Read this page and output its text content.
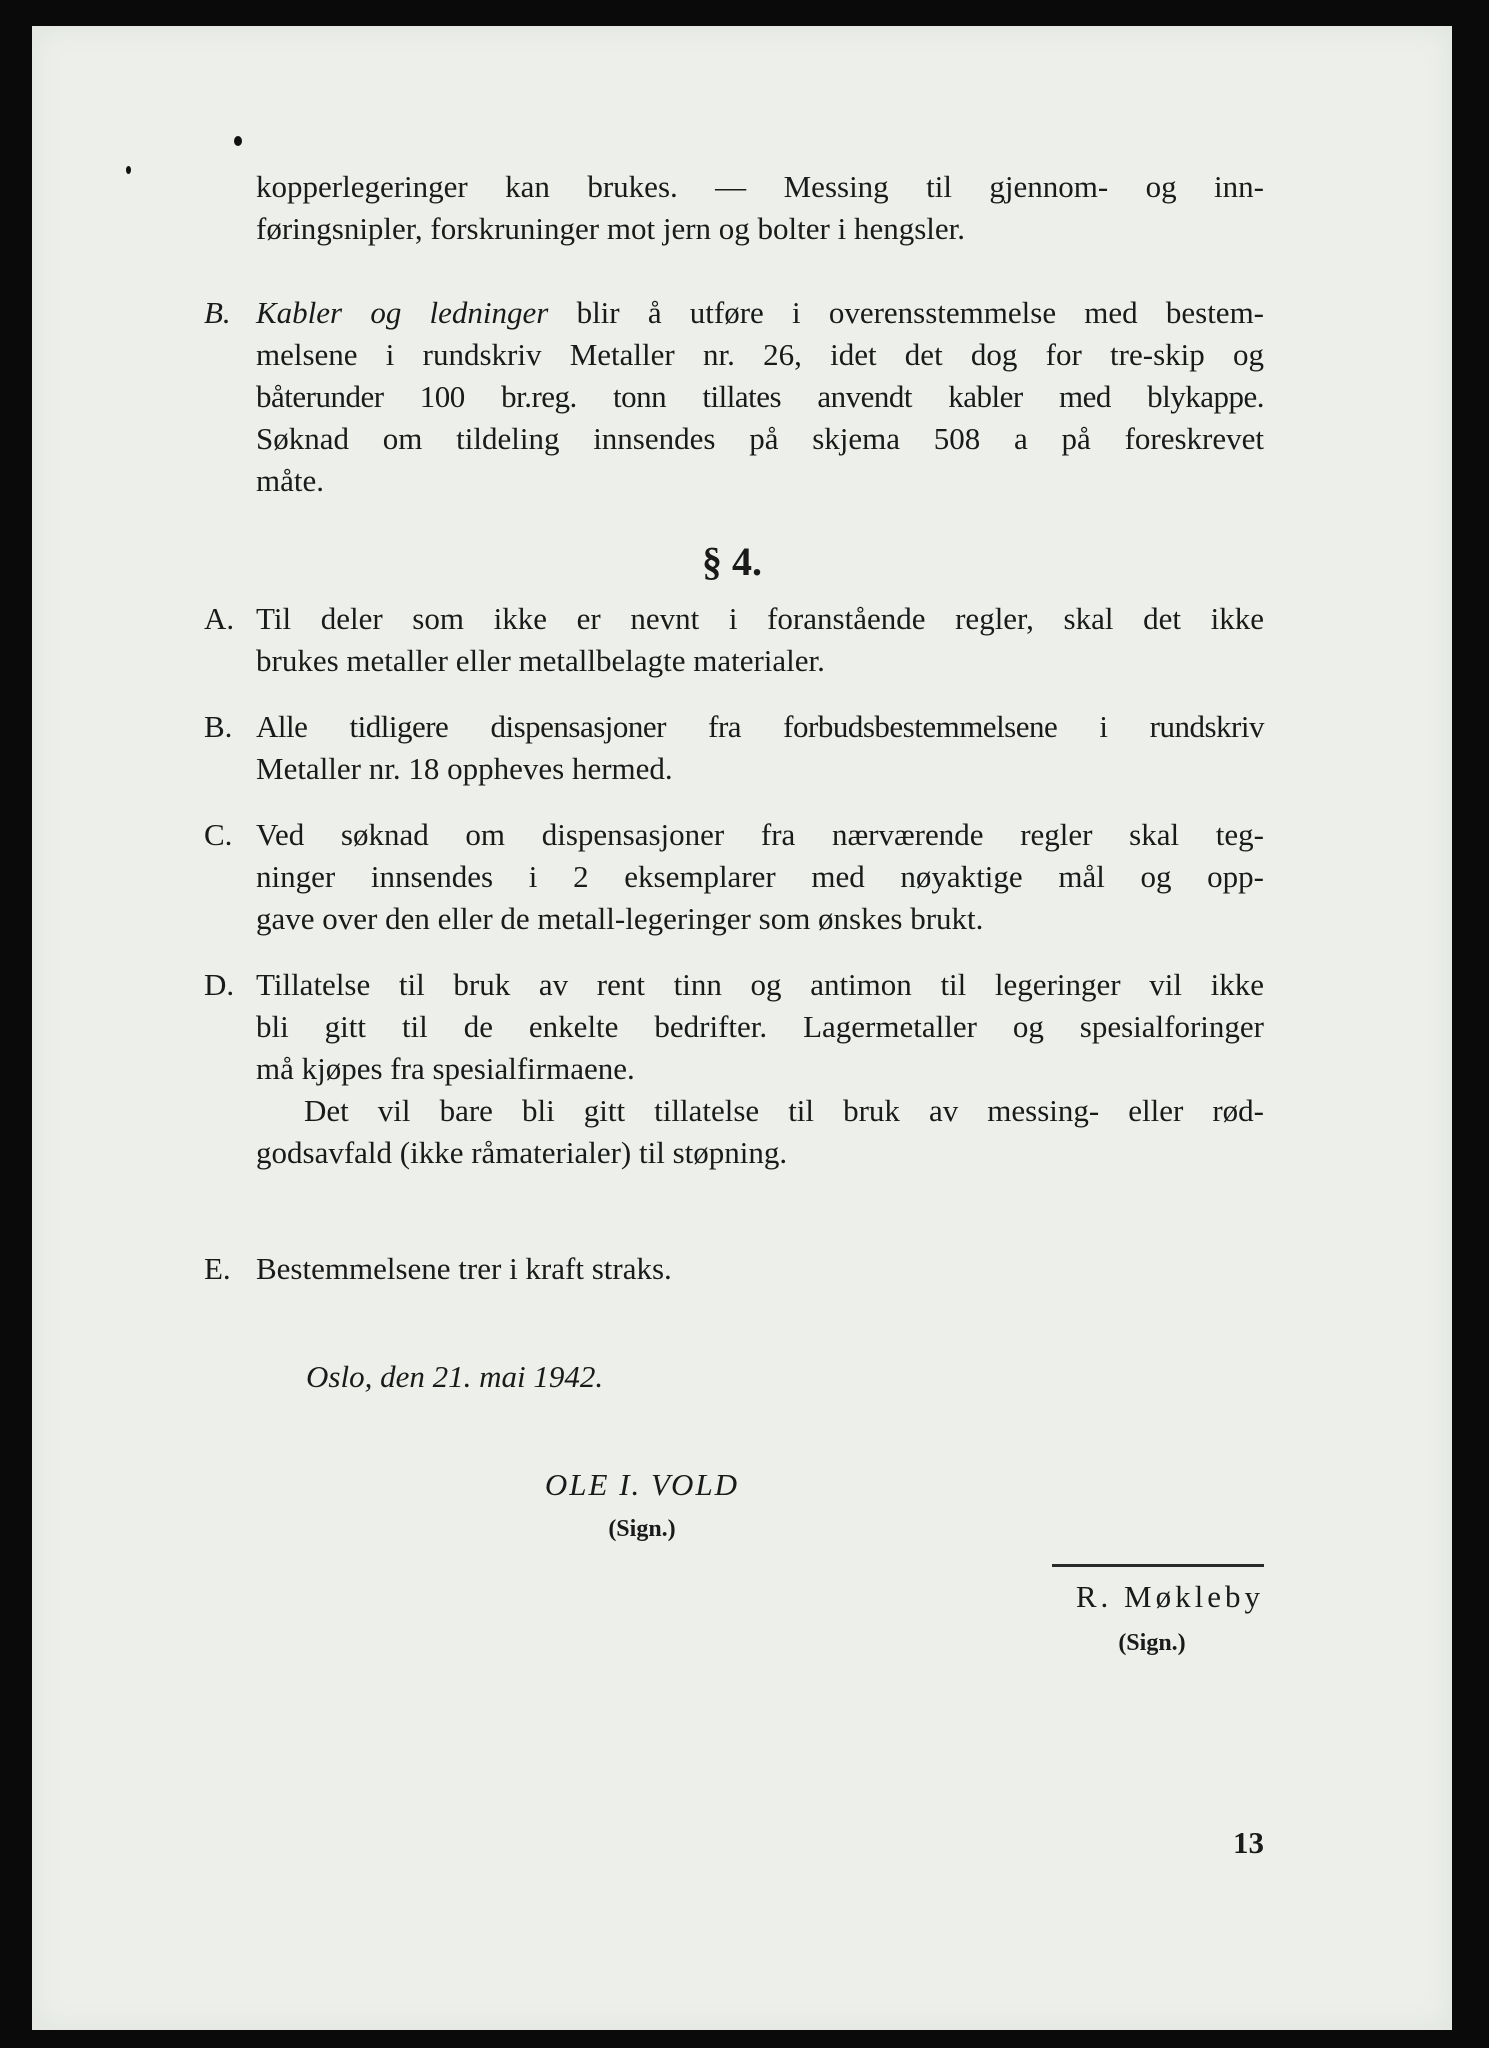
kopperlegeringer kan brukes. — Messing til gjennom- og inn-
føringsnipler, forskruninger mot jern og bolter i hengsler.
B. Kabler og ledninger blir å utføre i overensstemmelse med bestem-
melsene i rundskriv Metaller nr. 26, idet det dog for tre-skip og
båterunder 100 br.reg. tonn tillates anvendt kabler med blykappe.
Søknad om tildeling innsendes på skjema 508 a på foreskrevet
måte.
§ 4.
A. Til deler som ikke er nevnt i foranstående regler, skal det ikke
brukes metaller eller metallbelagte materialer.
B. Alle tidligere dispensasjoner fra forbudsbestemmelsene i rundskriv
Metaller nr. 18 oppheves hermed.
C. Ved søknad om dispensasjoner fra nærværende regler skal teg-
ninger innsendes i 2 eksemplarer med nøyaktige mål og opp-
gave over den eller de metall-legeringer som ønskes brukt.
D. Tillatelse til bruk av rent tinn og antimon til legeringer vil ikke
bli gitt til de enkelte bedrifter. Lagermetaller og spesialforinger
må kjøpes fra spesialfirmaene.
Det vil bare bli gitt tillatelse til bruk av messing- eller rød-
godsavfald (ikke råmaterialer) til støpning.
E. Bestemmelsene trer i kraft straks.
Oslo, den 21. mai 1942.
OLE I. VOLD
(Sign.)
R. Møkleby
(Sign.)
13
